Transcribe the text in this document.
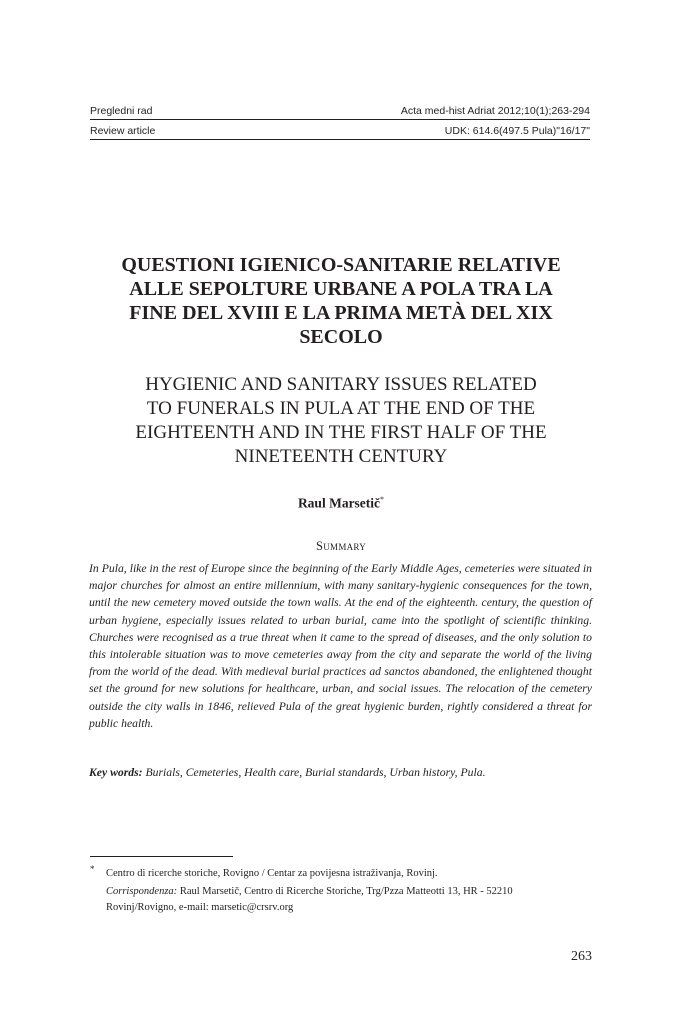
Pregledni rad	Acta med-hist Adriat 2012;10(1);263-294
Review article	UDK: 614.6(497.5 Pula)"16/17"
QUESTIONI IGIENICO-SANITARIE RELATIVE
ALLE SEPOLTURE URBANE A POLA TRA LA
FINE DEL XVIII E LA PRIMA METÀ DEL XIX
SECOLO
HYGIENIC AND SANITARY ISSUES RELATED
TO FUNERALS IN PULA AT THE END OF THE
EIGHTEENTH AND IN THE FIRST HALF OF THE
NINETEENTH CENTURY
Raul Marsetič*
Summary

In Pula, like in the rest of Europe since the beginning of the Early Middle Ages, cemeteries were situated in major churches for almost an entire millennium, with many sanitary-hygienic consequences for the town, until the new cemetery moved outside the town walls. At the end of the eighteenth. century, the question of urban hygiene, especially issues related to urban burial, came into the spotlight of scientific thinking. Churches were recognised as a true threat when it came to the spread of diseases, and the only solution to this intolerable situation was to move cemeteries away from the city and separate the world of the living from the world of the dead. With medieval burial practices ad sanctos abandoned, the enlightened thought set the ground for new solutions for healthcare, urban, and social issues. The relocation of the cemetery outside the city walls in 1846, relieved Pula of the great hygienic burden, rightly considered a threat for public health.

Key words: Burials, Cemeteries, Health care, Burial standards, Urban history, Pula.

* Centro di ricerche storiche, Rovigno / Centar za povijesna istraživanja, Rovinj.
Corrispondenza: Raul Marsetič, Centro di Ricerche Storiche, Trg/Pzza Matteotti 13, HR - 52210 Rovinj/Rovigno, e-mail: marsetic@crsrv.org
263
